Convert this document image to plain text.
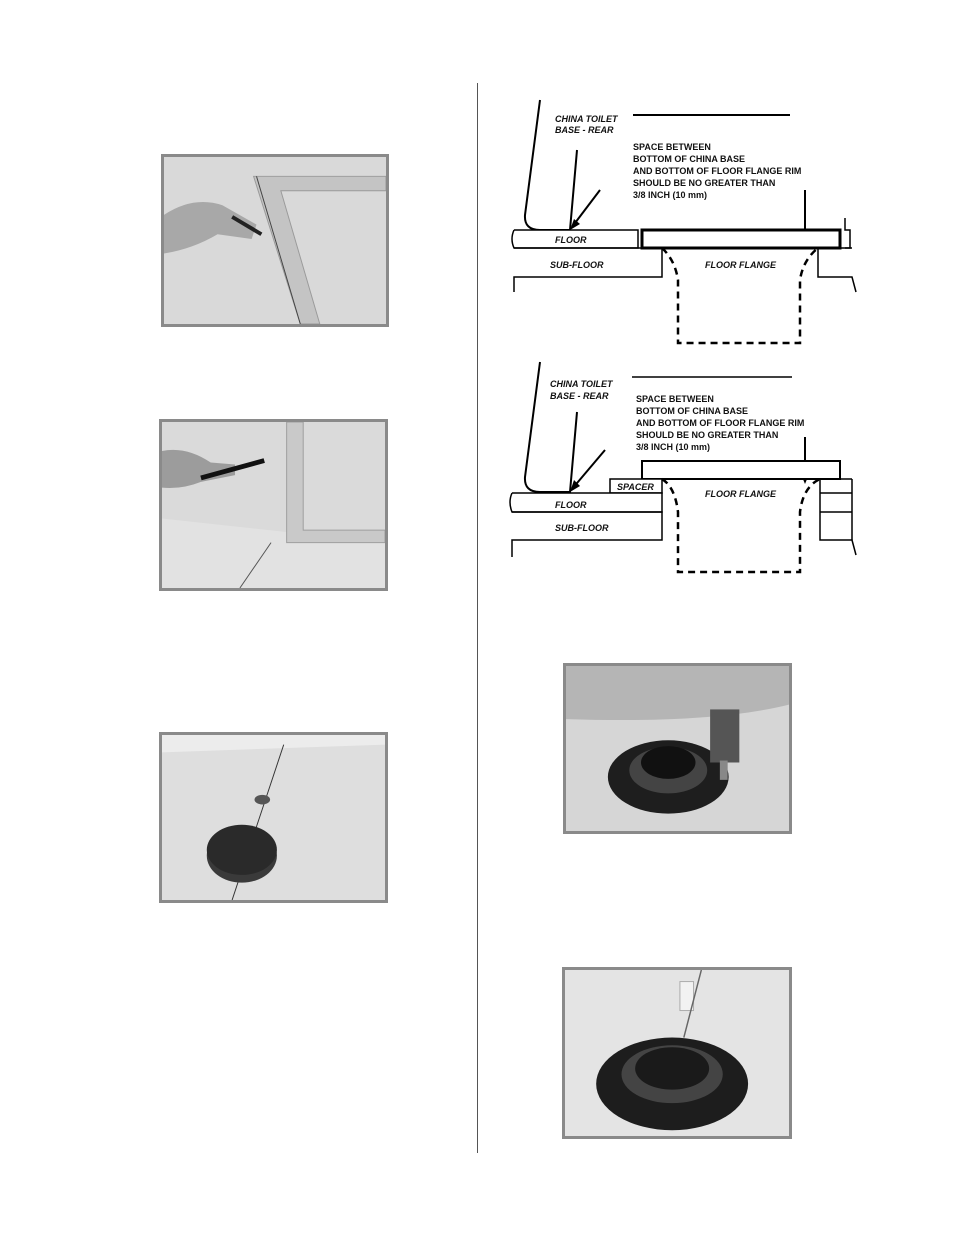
CHINA TOILET
BASE - REAR
SPACE BETWEEN
BOTTOM OF CHINA BASE
AND BOTTOM OF FLOOR FLANGE RIM
SHOULD BE NO GREATER THAN
3/8 INCH (10 mm)
FLOOR
SUB-FLOOR	FLOOR FLANGE
CHINA TOILET
BASE - REAR	SPACE BETWEEN
BOTTOM OF CHINA BASE
AND BOTTOM OF FLOOR FLANGE RIM
SHOULD BE NO GREATER THAN
3/8 INCH (10 mm)
SPACER
FLOOR
SUB-FLOOR
FLOOR FLANGE
